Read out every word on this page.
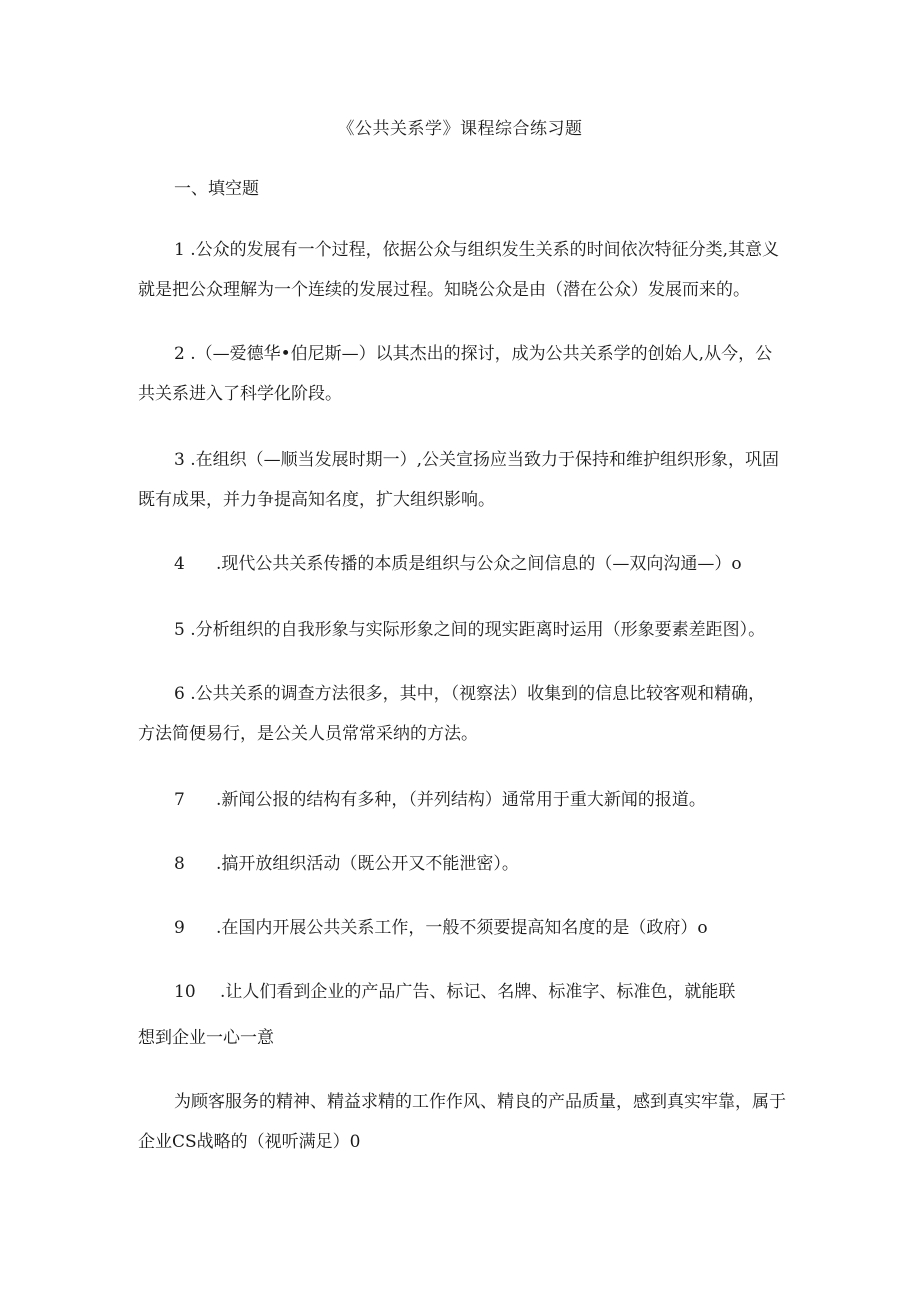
《公共关系学》课程综合练习题
一、填空题
1 .公众的发展有一个过程，依据公众与组织发生关系的时间依次特征分类,其意义
就是把公众理解为一个连续的发展过程。知晓公众是由（潜在公众）发展而来的。
2 .（—爱德华•伯尼斯—）以其杰出的探讨，成为公共关系学的创始人,从今，公
共关系进入了科学化阶段。
3 .在组织（—顺当发展时期一）,公关宣扬应当致力于保持和维护组织形象，巩固
既有成果，并力争提高知名度，扩大组织影响。
4 .现代公共关系传播的本质是组织与公众之间信息的（—双向沟通—）o
5 .分析组织的自我形象与实际形象之间的现实距离时运用（形象要素差距图）。
6 .公共关系的调查方法很多，其中，（视察法）收集到的信息比较客观和精确，
方法简便易行，是公关人员常常采纳的方法。
7 .新闻公报的结构有多种，（并列结构）通常用于重大新闻的报道。
8 .搞开放组织活动（既公开又不能泄密）。
9 .在国内开展公共关系工作，一般不须要提高知名度的是（政府）o
10 .让人们看到企业的产品广告、标记、名牌、标准字、标准色，就能联
想到企业一心一意
为顾客服务的精神、精益求精的工作作风、精良的产品质量，感到真实牢靠，属于
企业CS战略的（视听满足）0
